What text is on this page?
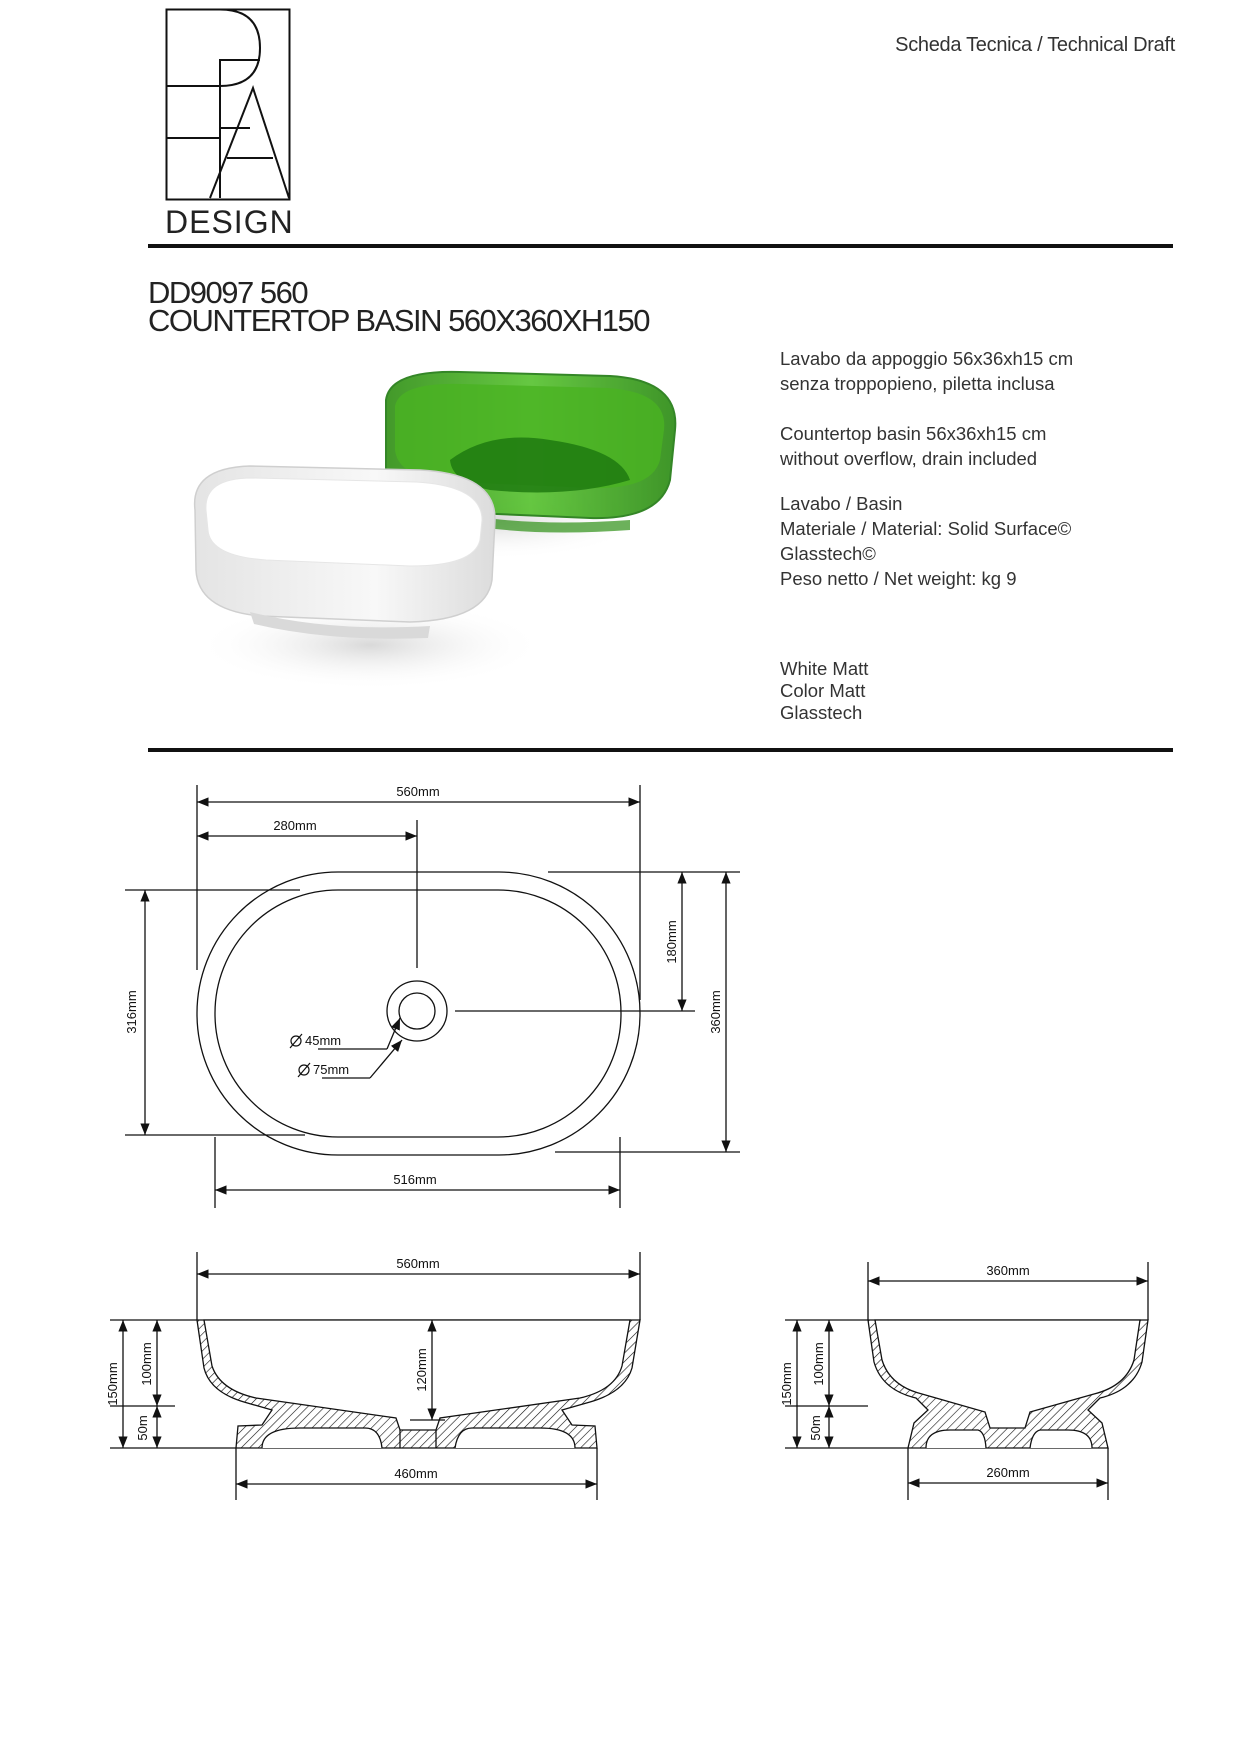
DESIGN
Scheda Tecnica / Technical Draft
DD9097 560
COUNTERTOP BASIN 560X360XH150
Lavabo da appoggio 56x36xh15 cm
senza troppopieno, piletta inclusa
Countertop basin 56x36xh15 cm
without overflow, drain included
Lavabo / Basin
Materiale / Material: Solid Surface©
Glasstech©
Peso netto / Net weight: kg 9
White Matt
Color Matt
Glasstech
560mm
280mm
316mm	360mm
180mm
516mm
45mm
75mm
560mm
150mm 100mm
50m
120mm
460mm
360mm
150mm 100mm
50m
260mm
